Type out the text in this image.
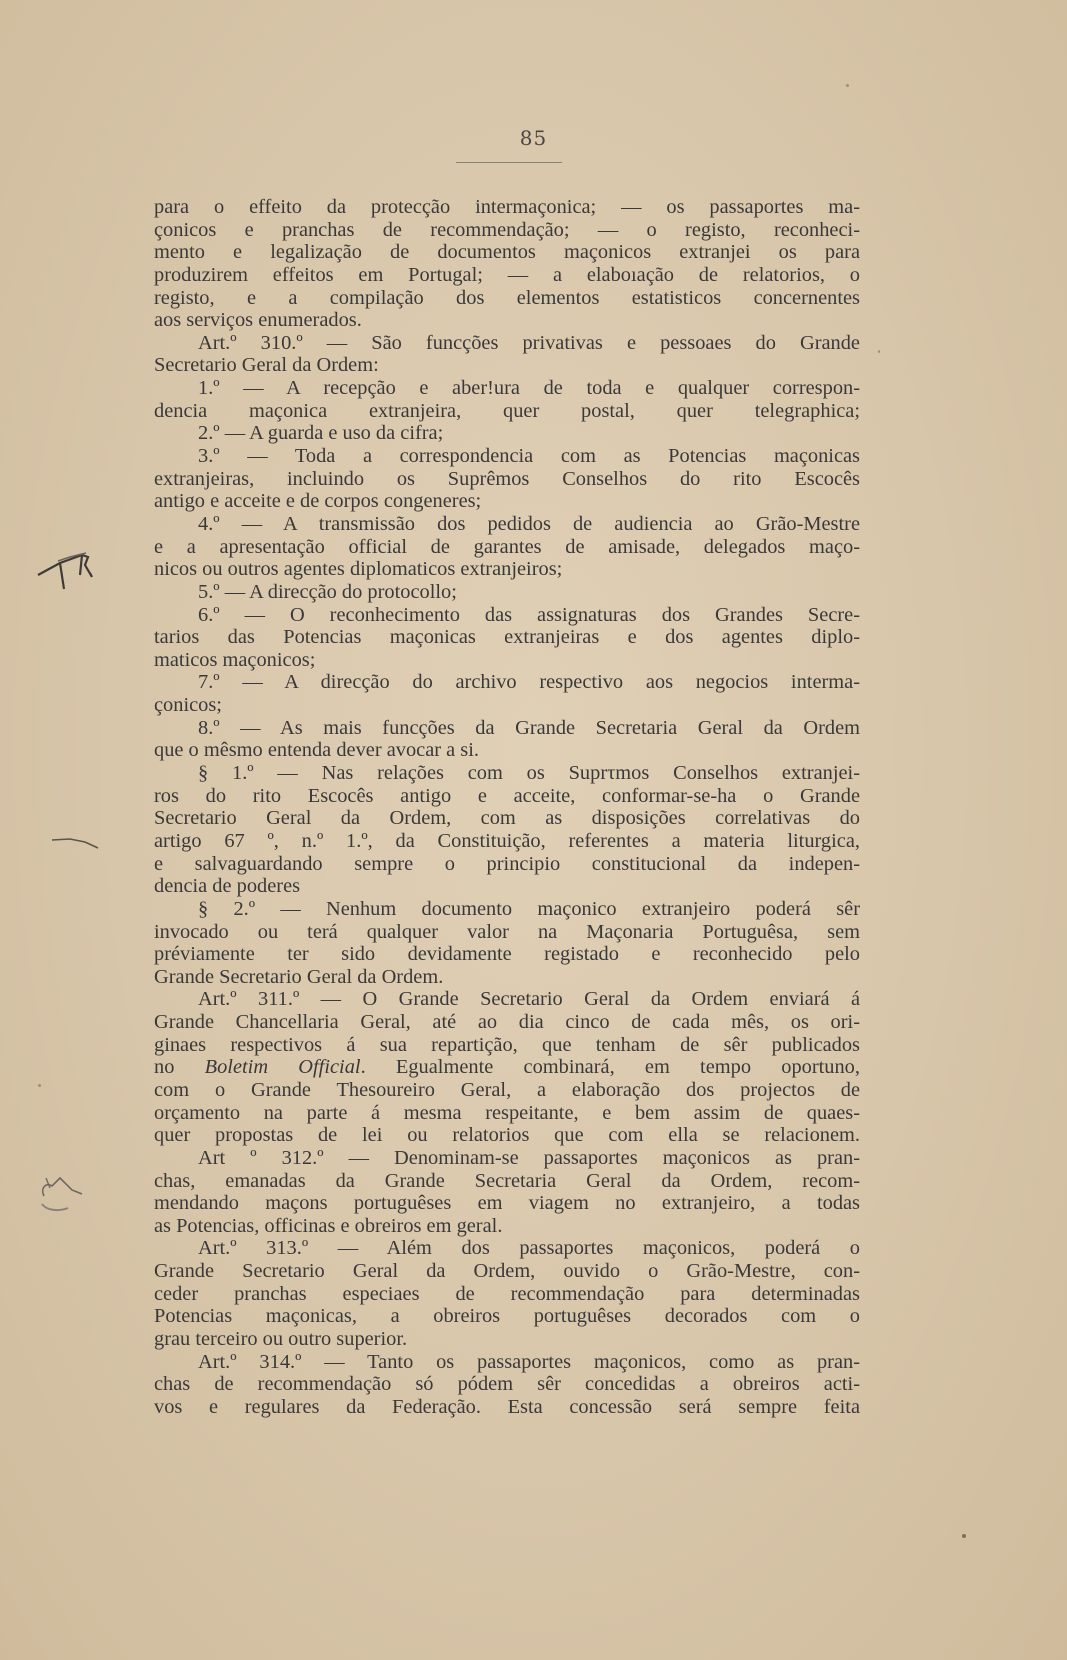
85
para o effeito da protecção intermaçonica; — os passaportes ma-
çonicos e pranchas de recommendação; — o registo, reconheci-
mento e legalização de documentos maçonicos extranjei os para
produzirem effeitos em Portugal; — a elaboıação de relatorios, o
registo, e a compilação dos elementos estatisticos concernentes
aos serviços enumerados.
Art.º 310.º — São funcções privativas e pessoaes do Grande
Secretario Geral da Ordem:
1.º — A recepção e aber!ura de toda e qualquer correspon-
dencia maçonica extranjeira, quer postal, quer telegraphica;
2.º — A guarda e uso da cifra;
3.º — Toda a correspondencia com as Potencias maçonicas
extranjeiras, incluindo os Suprêmos Conselhos do rito Escocês
antigo e acceite e de corpos congeneres;
4.º — A transmissão dos pedidos de audiencia ao Grão-Mestre
e a apresentação official de garantes de amisade, delegados maço-
nicos ou outros agentes diplomaticos extranjeiros;
5.º — A direcção do protocollo;
6.º — O reconhecimento das assignaturas dos Grandes Secre-
tarios das Potencias maçonicas extranjeiras e dos agentes diplo-
maticos maçonicos;
7.º — A direcção do archivo respectivo aos negocios interma-
çonicos;
8.º — As mais funcções da Grande Secretaria Geral da Ordem
que o mêsmo entenda dever avocar a si.
§ 1.º — Nas relações com os Suprτmos Conselhos extranjei-
ros do rito Escocês antigo e acceite, conformar-se-ha o Grande
Secretario Geral da Ordem, com as disposições correlativas do
artigo 67 º, n.º 1.º, da Constituição, referentes a materia liturgica,
e salvaguardando sempre o principio constitucional da indepen-
dencia de poderes
§ 2.º — Nenhum documento maçonico extranjeiro poderá sêr
invocado ou terá qualquer valor na Maçonaria Portuguêsa, sem
préviamente ter sido devidamente registado e reconhecido pelo
Grande Secretario Geral da Ordem.
Art.º 311.º — O Grande Secretario Geral da Ordem enviará á
Grande Chancellaria Geral, até ao dia cinco de cada mês, os ori-
ginaes respectivos á sua repartição, que tenham de sêr publicados
no Boletim Official. Egualmente combinará, em tempo oportuno,
com o Grande Thesoureiro Geral, a elaboração dos projectos de
orçamento na parte á mesma respeitante, e bem assim de quaes-
quer propostas de lei ou relatorios que com ella se relacionem.
Art º 312.º — Denominam-se passaportes maçonicos as pran-
chas, emanadas da Grande Secretaria Geral da Ordem, recom-
mendando maçons portuguêses em viagem no extranjeiro, a todas
as Potencias, officinas e obreiros em geral.
Art.º 313.º — Além dos passaportes maçonicos, poderá o
Grande Secretario Geral da Ordem, ouvido o Grão-Mestre, con-
ceder pranchas especiaes de recommendação para determinadas
Potencias maçonicas, a obreiros portuguêses decorados com o
grau terceiro ou outro superior.
Art.º 314.º — Tanto os passaportes maçonicos, como as pran-
chas de recommendação só pódem sêr concedidas a obreiros acti-
vos e regulares da Federação. Esta concessão será sempre feita
